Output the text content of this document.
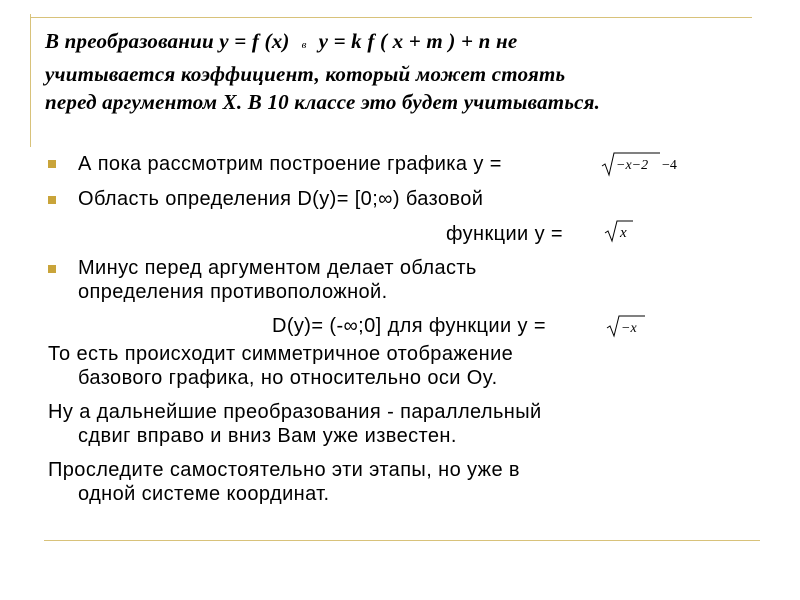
В преобразовании y = f (x) в y = k f ( x + m ) + n не
учитывается коэффициент, который может стоять
перед аргументом Х. В 10 классе это будет учитываться.
А пока рассмотрим построение графика y =	−x−2 −4
Область определения D(y)= [0;∞) базовой
функции y =	x
Минус перед аргументом делает область
определения противоположной.
D(y)= (-∞;0] для функции y =	−x
То есть происходит симметричное отображение
базового графика, но относительно оси Oy.
Ну а дальнейшие преобразования - параллельный
сдвиг вправо и вниз Вам уже известен.
Проследите самостоятельно эти этапы, но уже в
одной системе координат.
